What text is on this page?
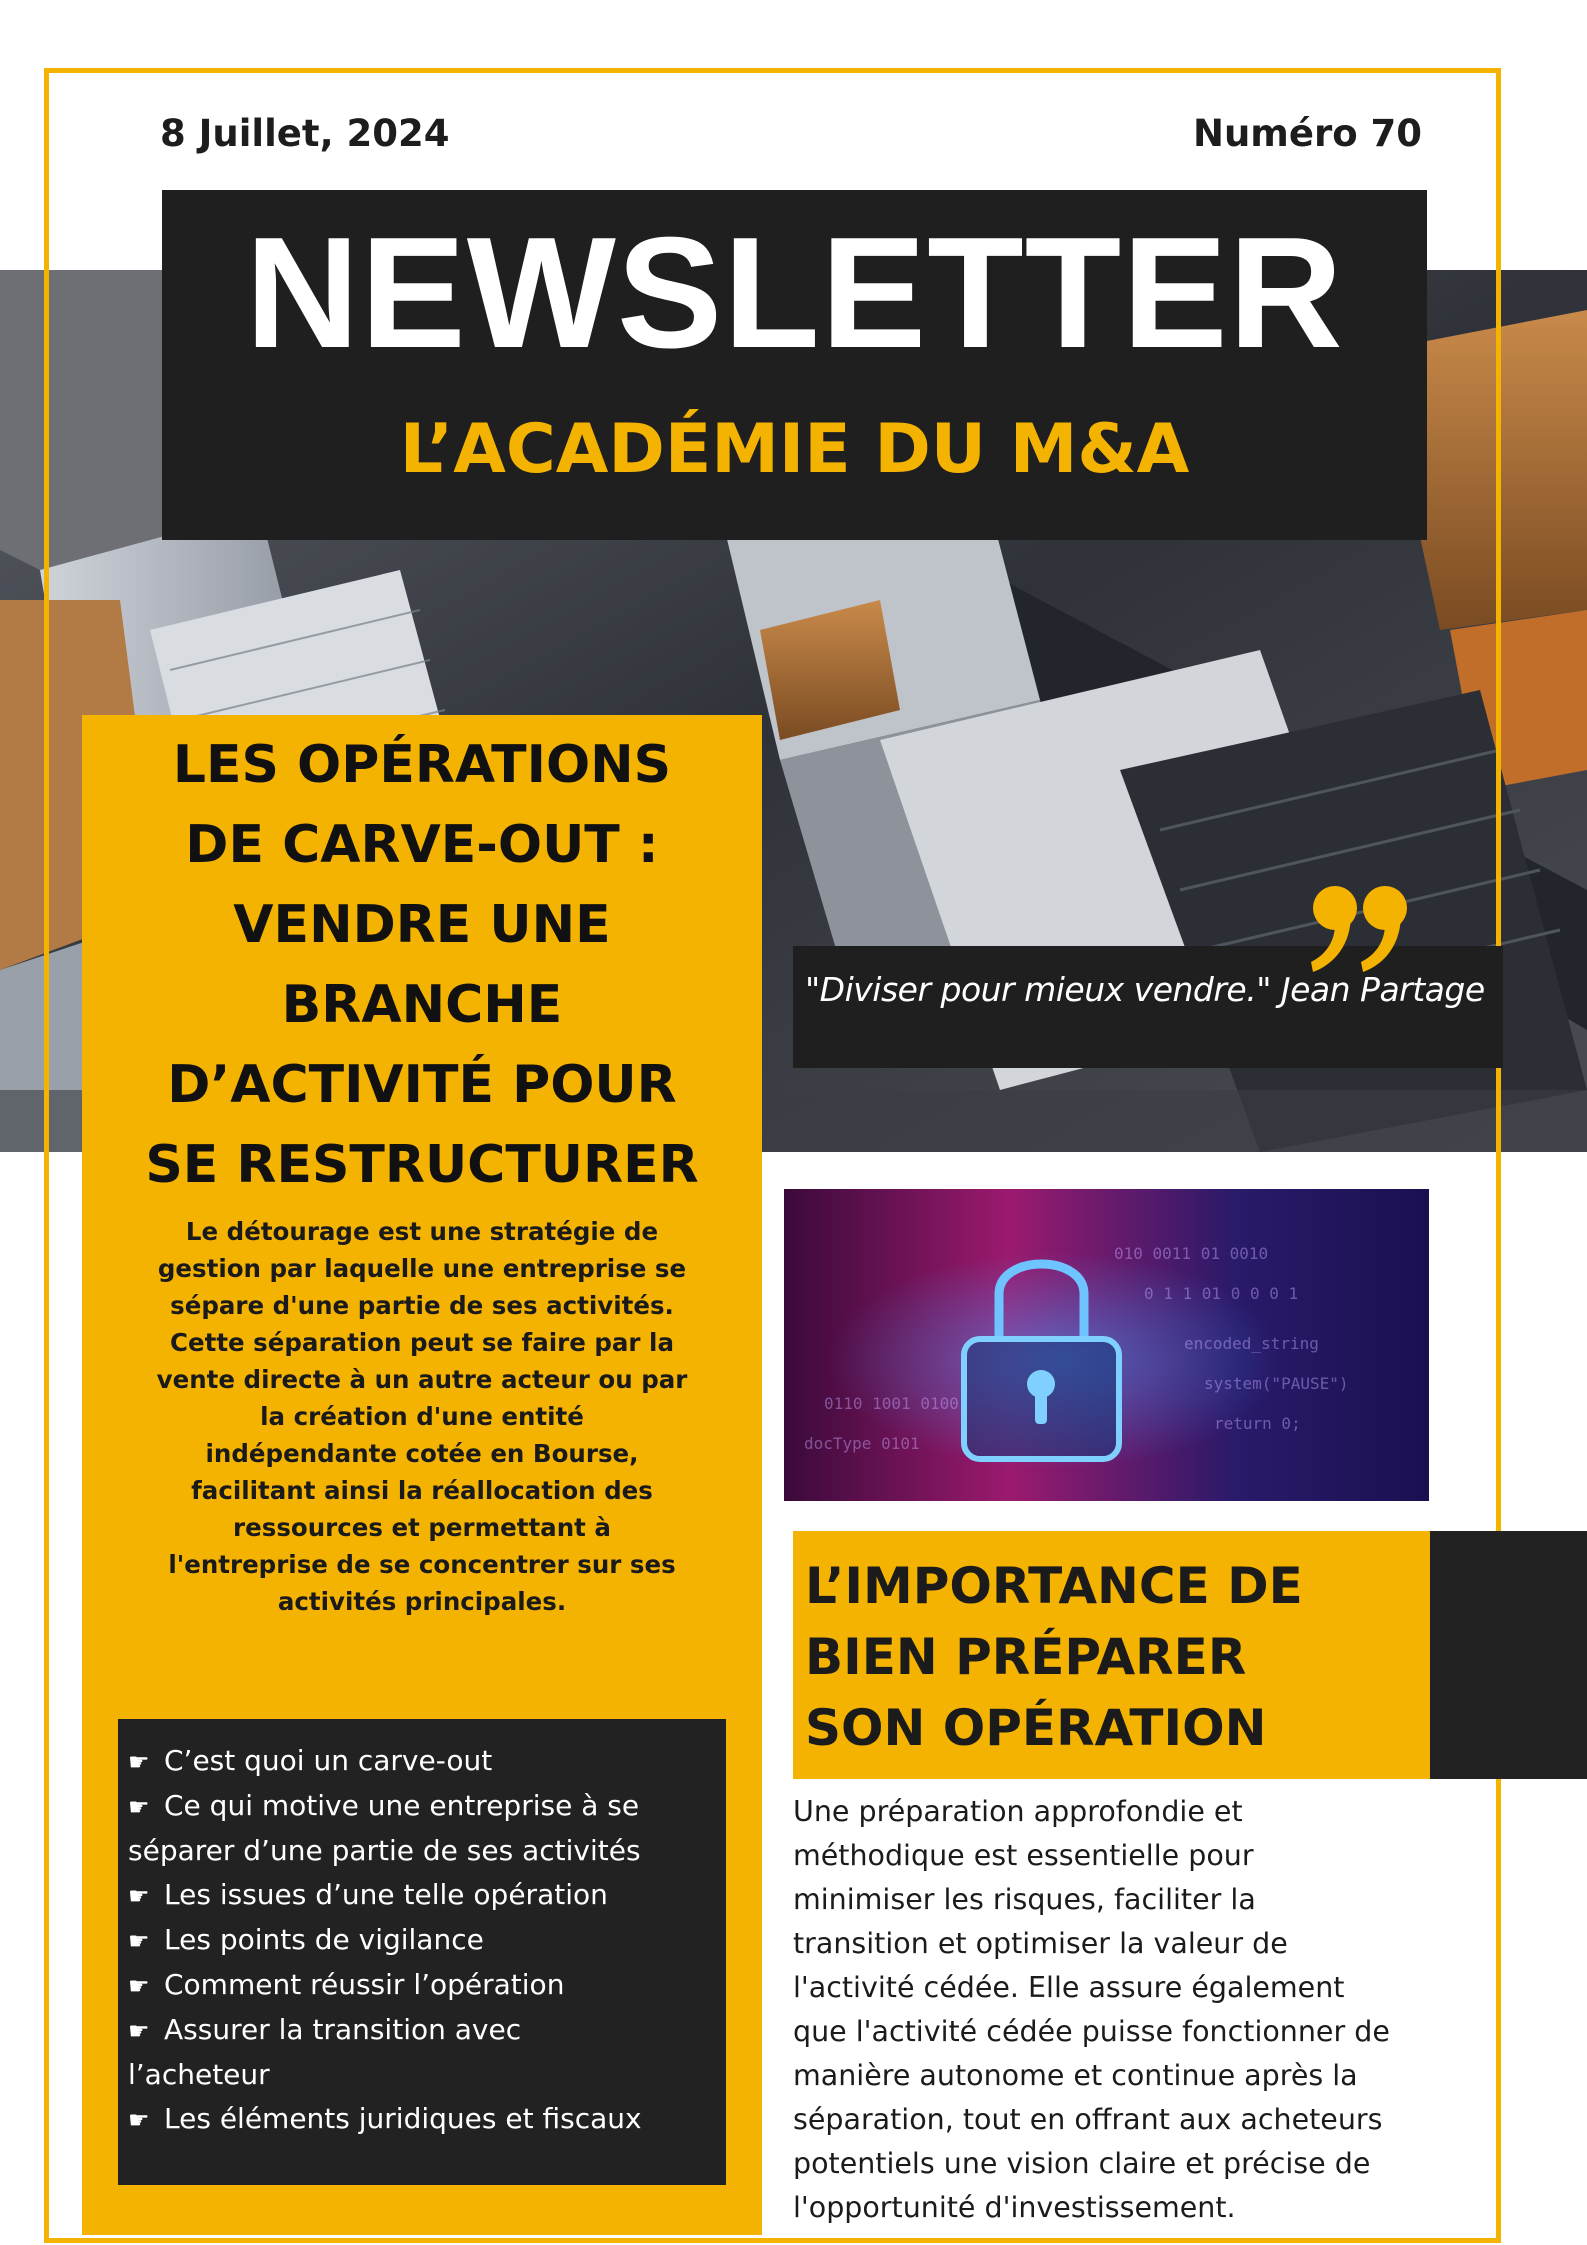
8 Juillet, 2024	Numéro 70
NEWSLETTER
L’ACADÉMIE DU M&A
LES OPÉRATIONS
DE CARVE-OUT :
VENDRE UNE
BRANCHE
D’ACTIVITÉ POUR
SE RESTRUCTURER
Le détourage est une stratégie de
gestion par laquelle une entreprise se
sépare d'une partie de ses activités.
Cette séparation peut se faire par la
vente directe à un autre acteur ou par
la création d'une entité
indépendante cotée en Bourse,
facilitant ainsi la réallocation des
ressources et permettant à
l'entreprise de se concentrer sur ses
activités principales.
☛ C’est quoi un carve-out
☛ Ce qui motive une entreprise à se
séparer d’une partie de ses activités
☛ Les issues d’une telle opération
☛ Les points de vigilance
☛ Comment réussir l’opération
☛ Assurer la transition avec
l’acheteur
☛ Les éléments juridiques et fiscaux
"Diviser pour mieux vendre." Jean Partage
010 0011 01 0010
0 1 1 01 0 0 0 1
encoded_string
system("PAUSE")
return 0;
0110 1001 0100
docType 0101
L’IMPORTANCE DE
BIEN PRÉPARER
SON OPÉRATION
Une préparation approfondie et
méthodique est essentielle pour
minimiser les risques, faciliter la
transition et optimiser la valeur de
l'activité cédée. Elle assure également
que l'activité cédée puisse fonctionner de
manière autonome et continue après la
séparation, tout en offrant aux acheteurs
potentiels une vision claire et précise de
l'opportunité d'investissement.
